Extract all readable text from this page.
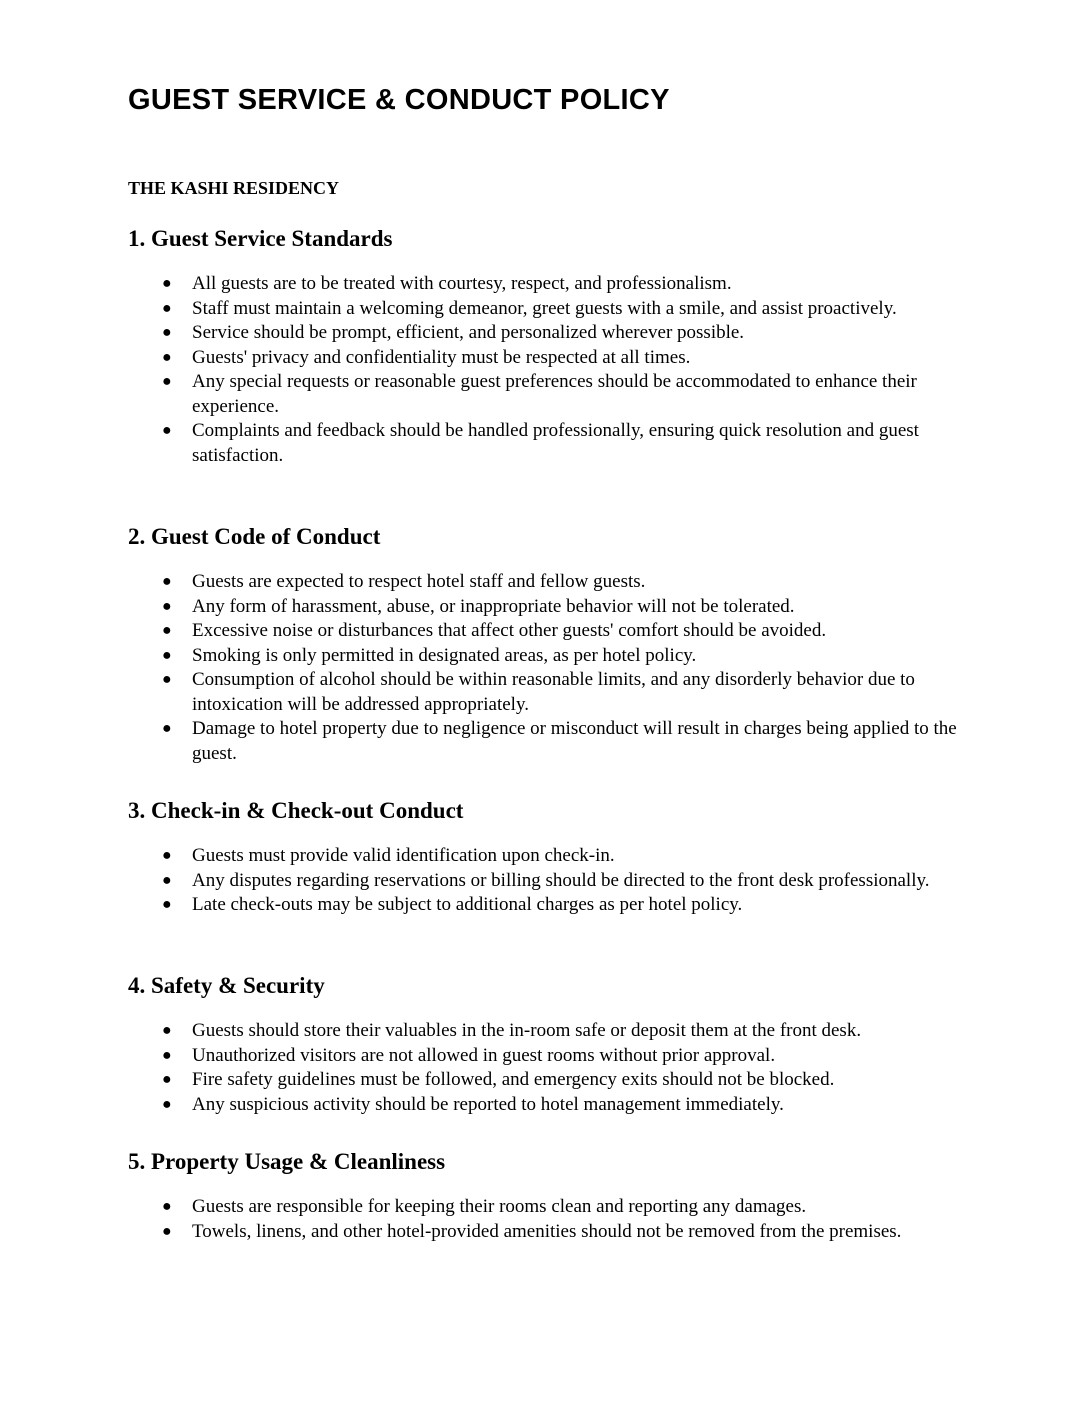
GUEST SERVICE & CONDUCT POLICY
THE KASHI RESIDENCY
1. Guest Service Standards
● All guests are to be treated with courtesy, respect, and professionalism.
● Staff must maintain a welcoming demeanor, greet guests with a smile, and assist proactively.
● Service should be prompt, efficient, and personalized wherever possible.
● Guests' privacy and confidentiality must be respected at all times.
● Any special requests or reasonable guest preferences should be accommodated to enhance their experience.
● Complaints and feedback should be handled professionally, ensuring quick resolution and guest satisfaction.
2. Guest Code of Conduct
● Guests are expected to respect hotel staff and fellow guests.
● Any form of harassment, abuse, or inappropriate behavior will not be tolerated.
● Excessive noise or disturbances that affect other guests' comfort should be avoided.
● Smoking is only permitted in designated areas, as per hotel policy.
● Consumption of alcohol should be within reasonable limits, and any disorderly behavior due to intoxication will be addressed appropriately.
● Damage to hotel property due to negligence or misconduct will result in charges being applied to the guest.
3. Check-in & Check-out Conduct
● Guests must provide valid identification upon check-in.
● Any disputes regarding reservations or billing should be directed to the front desk professionally.
● Late check-outs may be subject to additional charges as per hotel policy.
4. Safety & Security
● Guests should store their valuables in the in-room safe or deposit them at the front desk.
● Unauthorized visitors are not allowed in guest rooms without prior approval.
● Fire safety guidelines must be followed, and emergency exits should not be blocked.
● Any suspicious activity should be reported to hotel management immediately.
5. Property Usage & Cleanliness
● Guests are responsible for keeping their rooms clean and reporting any damages.
● Towels, linens, and other hotel-provided amenities should not be removed from the premises.
